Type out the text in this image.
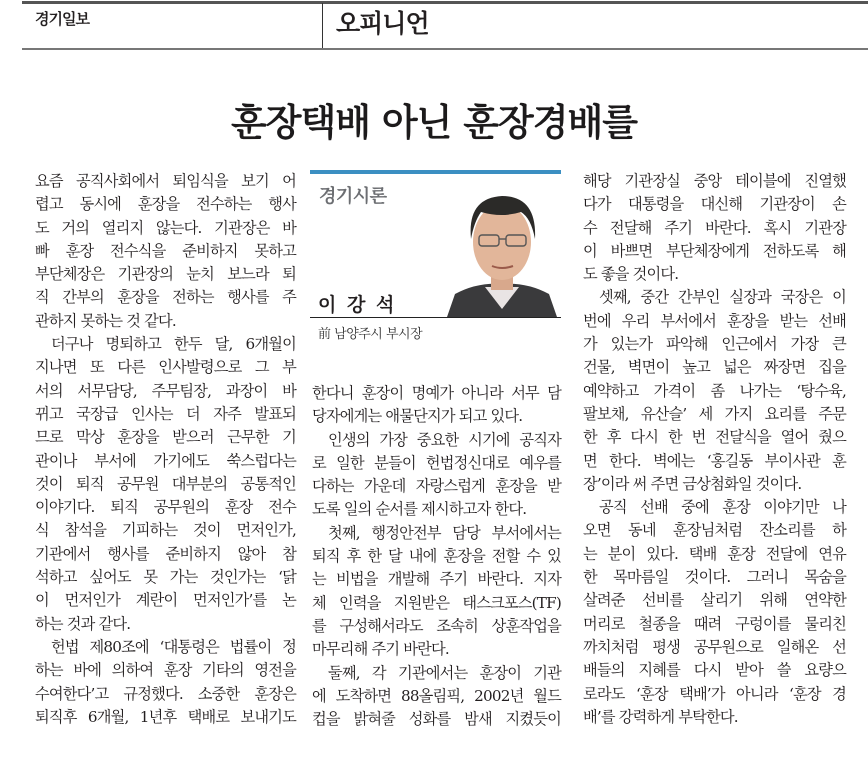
경기일보	오피니언
훈장택배 아닌 훈장경배를
요즘 공직사회에서 퇴임식을 보기 어
렵고 동시에 훈장을 전수하는 행사
도 거의 열리지 않는다. 기관장은 바
빠 훈장 전수식을 준비하지 못하고
부단체장은 기관장의 눈치 보느라 퇴
직 간부의 훈장을 전하는 행사를 주
관하지 못하는 것 같다.
더구나 명퇴하고 한두 달, 6개월이
지나면 또 다른 인사발령으로 그 부
서의 서무담당, 주무팀장, 과장이 바
뀌고 국장급 인사는 더 자주 발표되
므로 막상 훈장을 받으러 근무한 기
관이나 부서에 가기에도 쑥스럽다는
것이 퇴직 공무원 대부분의 공통적인
이야기다. 퇴직 공무원의 훈장 전수
식 참석을 기피하는 것이 먼저인가,
기관에서 행사를 준비하지 않아 참
석하고 싶어도 못 가는 것인가는 ‘닭
이 먼저인가 계란이 먼저인가’를 논
하는 것과 같다.
헌법 제80조에 ‘대통령은 법률이 정
하는 바에 의하여 훈장 기타의 영전을
수여한다’고 규정했다. 소중한 훈장은
퇴직후 6개월, 1년후 택배로 보내기도
한다니 훈장이 명예가 아니라 서무 담
당자에게는 애물단지가 되고 있다.
인생의 가장 중요한 시기에 공직자
로 일한 분들이 헌법정신대로 예우를
다하는 가운데 자랑스럽게 훈장을 받
도록 일의 순서를 제시하고자 한다.
첫째, 행정안전부 담당 부서에서는
퇴직 후 한 달 내에 훈장을 전할 수 있
는 비법을 개발해 주기 바란다. 지자
체 인력을 지원받은 태스크포스(TF)
를 구성해서라도 조속히 상훈작업을
마무리해 주기 바란다.
둘째, 각 기관에서는 훈장이 기관
에 도착하면 88올림픽, 2002년 월드
컵을 밝혀줄 성화를 밤새 지켰듯이
해당 기관장실 중앙 테이블에 진열했
다가 대통령을 대신해 기관장이 손
수 전달해 주기 바란다. 혹시 기관장
이 바쁘면 부단체장에게 전하도록 해
도 좋을 것이다.
셋째, 중간 간부인 실장과 국장은 이
번에 우리 부서에서 훈장을 받는 선배
가 있는가 파악해 인근에서 가장 큰
건물, 벽면이 높고 넓은 짜장면 집을
예약하고 가격이 좀 나가는 ‘탕수육,
팔보채, 유산슬’ 세 가지 요리를 주문
한 후 다시 한 번 전달식을 열어 줬으
면 한다. 벽에는 ‘홍길동 부이사관 훈
장’이라 써 주면 금상첨화일 것이다.
공직 선배 중에 훈장 이야기만 나
오면 동네 훈장님처럼 잔소리를 하
는 분이 있다. 택배 훈장 전달에 연유
한 목마름일 것이다. 그러니 목숨을
살려준 선비를 살리기 위해 연약한
머리로 철종을 때려 구렁이를 물리친
까치처럼 평생 공무원으로 일해온 선
배들의 지혜를 다시 받아 쓸 요량으
로라도 ‘훈장 택배’가 아니라 ‘훈장 경
배’를 강력하게 부탁한다.
경기시론
이 강 석
前 남양주시 부시장
